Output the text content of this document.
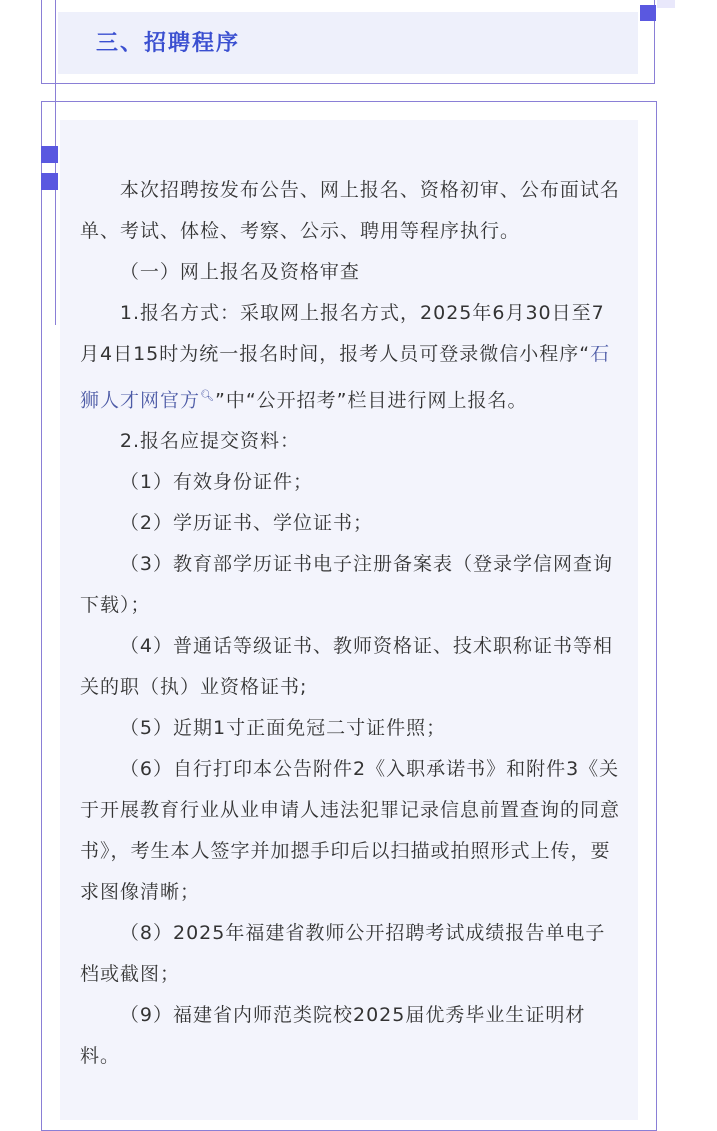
三、招聘程序

本次招聘按发布公告、网上报名、资格初审、公布面试名单、考试、体检、考察、公示、聘用等程序执行。

（一）网上报名及资格审查

1.报名方式：采取网上报名方式，2025年6月30日至7月4日15时为统一报名时间，报考人员可登录微信小程序“石狮人才网官方🔍︎”中“公开招考”栏目进行网上报名。

2.报名应提交资料：

（1）有效身份证件；

（2）学历证书、学位证书；

（3）教育部学历证书电子注册备案表（登录学信网查询下载）；

（4）普通话等级证书、教师资格证、技术职称证书等相关的职（执）业资格证书;

（5）近期1寸正面免冠二寸证件照；

（6）自行打印本公告附件2《入职承诺书》和附件3《关于开展教育行业从业申请人违法犯罪记录信息前置查询的同意书》，考生本人签字并加摁手印后以扫描或拍照形式上传，要求图像清晰；

（8）2025年福建省教师公开招聘考试成绩报告单电子档或截图；

（9）福建省内师范类院校2025届优秀毕业生证明材料。
